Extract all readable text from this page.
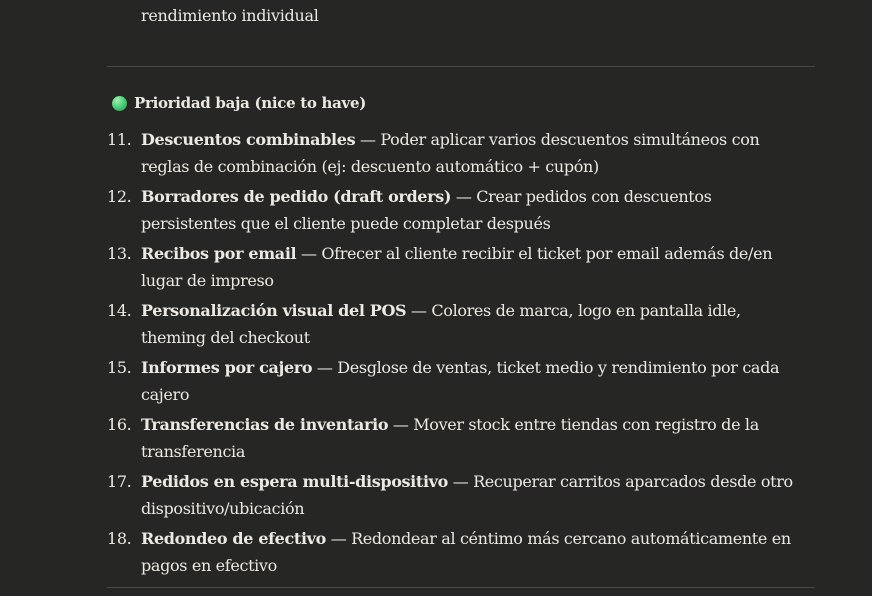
rendimiento individual
Prioridad baja (nice to have)
11. Descuentos combinables — Poder aplicar varios descuentos simultáneos con reglas de combinación (ej: descuento automático + cupón)
12. Borradores de pedido (draft orders) — Crear pedidos con descuentos persistentes que el cliente puede completar después
13. Recibos por email — Ofrecer al cliente recibir el ticket por email además de/en lugar de impreso
14. Personalización visual del POS — Colores de marca, logo en pantalla idle, theming del checkout
15. Informes por cajero — Desglose de ventas, ticket medio y rendimiento por cada cajero
16. Transferencias de inventario — Mover stock entre tiendas con registro de la transferencia
17. Pedidos en espera multi-dispositivo — Recuperar carritos aparcados desde otro dispositivo/ubicación
18. Redondeo de efectivo — Redondear al céntimo más cercano automáticamente en pagos en efectivo
